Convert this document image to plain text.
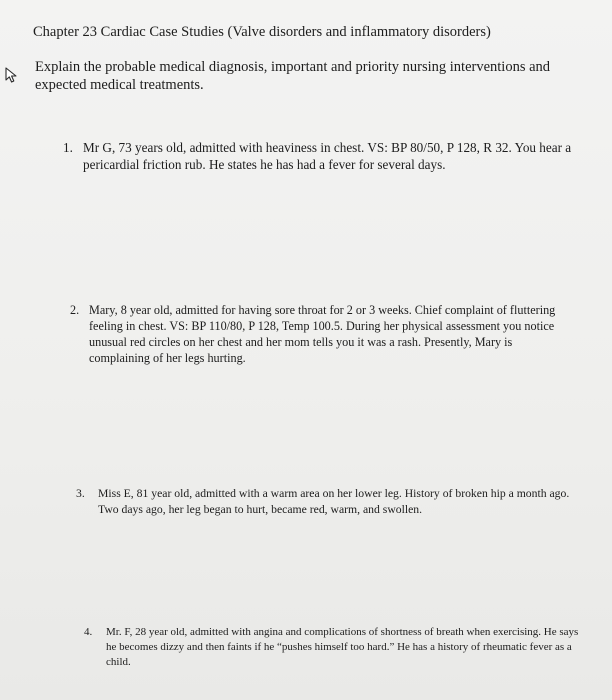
Chapter 23 Cardiac Case Studies (Valve disorders and inflammatory disorders)
Explain the probable medical diagnosis, important and priority nursing interventions and expected medical treatments.
1. Mr G, 73 years old, admitted with heaviness in chest. VS: BP 80/50, P 128, R 32. You hear a pericardial friction rub. He states he has had a fever for several days.
2. Mary, 8 year old, admitted for having sore throat for 2 or 3 weeks. Chief complaint of fluttering feeling in chest. VS: BP 110/80, P 128, Temp 100.5. During her physical assessment you notice unusual red circles on her chest and her mom tells you it was a rash. Presently, Mary is complaining of her legs hurting.
3. Miss E, 81 year old, admitted with a warm area on her lower leg. History of broken hip a month ago. Two days ago, her leg began to hurt, became red, warm, and swollen.
4. Mr. F, 28 year old, admitted with angina and complications of shortness of breath when exercising. He says he becomes dizzy and then faints if he “pushes himself too hard.” He has a history of rheumatic fever as a child.
